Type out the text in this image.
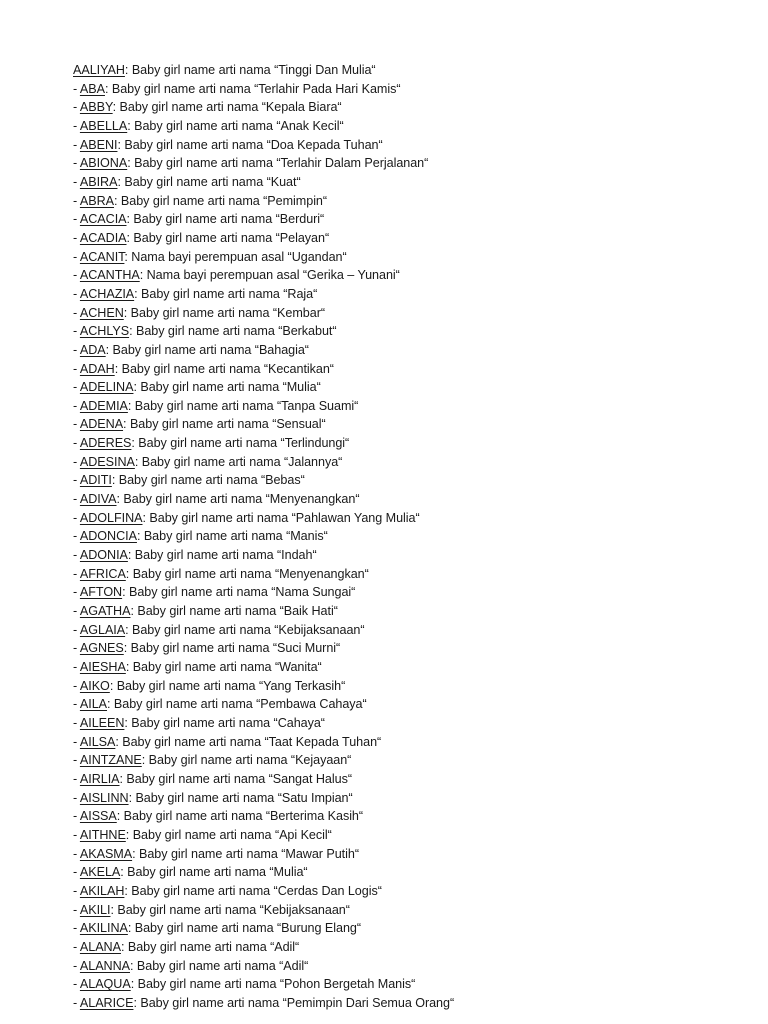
AALIYAH: Baby girl name arti nama “Tinggi Dan Mulia“
- ABA: Baby girl name arti nama “Terlahir Pada Hari Kamis“
- ABBY: Baby girl name arti nama “Kepala Biara“
- ABELLA: Baby girl name arti nama “Anak Kecil“
- ABENI: Baby girl name arti nama “Doa Kepada Tuhan“
- ABIONA: Baby girl name arti nama “Terlahir Dalam Perjalanan“
- ABIRA: Baby girl name arti nama “Kuat“
- ABRA: Baby girl name arti nama “Pemimpin“
- ACACIA: Baby girl name arti nama “Berduri“
- ACADIA: Baby girl name arti nama “Pelayan“
- ACANIT: Nama bayi perempuan asal “Ugandan“
- ACANTHA: Nama bayi perempuan asal “Gerika – Yunani“
- ACHAZIA: Baby girl name arti nama “Raja“
- ACHEN: Baby girl name arti nama “Kembar“
- ACHLYS: Baby girl name arti nama “Berkabut“
- ADA: Baby girl name arti nama “Bahagia“
- ADAH: Baby girl name arti nama “Kecantikan“
- ADELINA: Baby girl name arti nama “Mulia“
- ADEMIA: Baby girl name arti nama “Tanpa Suami“
- ADENA: Baby girl name arti nama “Sensual“
- ADERES: Baby girl name arti nama “Terlindungi“
- ADESINA: Baby girl name arti nama “Jalannya“
- ADITI: Baby girl name arti nama “Bebas“
- ADIVA: Baby girl name arti nama “Menyenangkan“
- ADOLFINA: Baby girl name arti nama “Pahlawan Yang Mulia“
- ADONCIA: Baby girl name arti nama “Manis“
- ADONIA: Baby girl name arti nama “Indah“
- AFRICA: Baby girl name arti nama “Menyenangkan“
- AFTON: Baby girl name arti nama “Nama Sungai“
- AGATHA: Baby girl name arti nama “Baik Hati“
- AGLAIA: Baby girl name arti nama “Kebijaksanaan“
- AGNES: Baby girl name arti nama “Suci Murni“
- AIESHA: Baby girl name arti nama “Wanita“
- AIKO: Baby girl name arti nama “Yang Terkasih“
- AILA: Baby girl name arti nama “Pembawa Cahaya“
- AILEEN: Baby girl name arti nama “Cahaya“
- AILSA: Baby girl name arti nama “Taat Kepada Tuhan“
- AINTZANE: Baby girl name arti nama “Kejayaan“
- AIRLIA: Baby girl name arti nama “Sangat Halus“
- AISLINN: Baby girl name arti nama “Satu Impian“
- AISSA: Baby girl name arti nama “Berterima Kasih“
- AITHNE: Baby girl name arti nama “Api Kecil“
- AKASMA: Baby girl name arti nama “Mawar Putih“
- AKELA: Baby girl name arti nama “Mulia“
- AKILAH: Baby girl name arti nama “Cerdas Dan Logis“
- AKILI: Baby girl name arti nama “Kebijaksanaan“
- AKILINA: Baby girl name arti nama “Burung Elang“
- ALANA: Baby girl name arti nama “Adil“
- ALANNA: Baby girl name arti nama “Adil“
- ALAQUA: Baby girl name arti nama “Pohon Bergetah Manis“
- ALARICE: Baby girl name arti nama “Pemimpin Dari Semua Orang“
